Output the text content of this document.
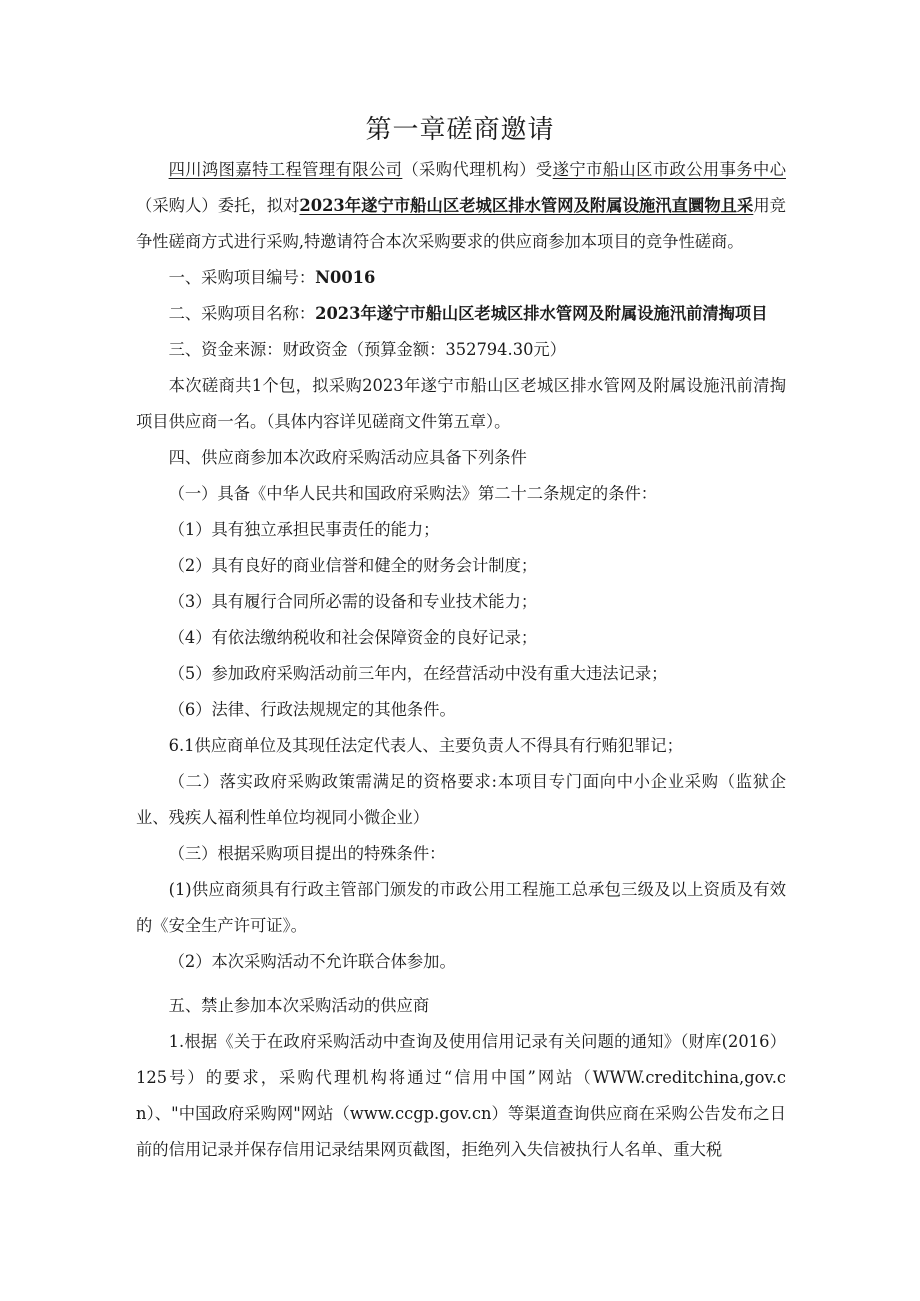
第一章磋商邀请

四川鸿图嘉特工程管理有限公司（采购代理机构）受遂宁市船山区市政公用事务中心（采购人）委托，拟对2023年遂宁市船山区老城区排水管网及附属设施汛直圜物且采用竞争性磋商方式进行采购,特邀请符合本次采购要求的供应商参加本项目的竞争性磋商。

一、采购项目编号：N0016

二、采购项目名称：2023年遂宁市船山区老城区排水管网及附属设施汛前清掏项目

三、资金来源：财政资金（预算金额：352794.30元）

本次磋商共1个包，拟采购2023年遂宁市船山区老城区排水管网及附属设施汛前清掏项目供应商一名。（具体内容详见磋商文件第五章）。

四、供应商参加本次政府采购活动应具备下列条件

（一）具备《中华人民共和国政府采购法》第二十二条规定的条件：

（1）具有独立承担民事责任的能力；

（2）具有良好的商业信誉和健全的财务会计制度；

（3）具有履行合同所必需的设备和专业技术能力；

（4）有依法缴纳税收和社会保障资金的良好记录；

（5）参加政府采购活动前三年内，在经营活动中没有重大违法记录；

（6）法律、行政法规规定的其他条件。

6.1供应商单位及其现任法定代表人、主要负责人不得具有行贿犯罪记；

（二）落实政府采购政策需满足的资格要求:本项目专门面向中小企业采购（监狱企业、残疾人福利性单位均视同小微企业）

（三）根据采购项目提出的特殊条件：

(1)供应商须具有行政主管部门颁发的市政公用工程施工总承包三级及以上资质及有效的《安全生产许可证》。

（2）本次采购活动不允许联合体参加。

五、禁止参加本次采购活动的供应商

1.根据《关于在政府采购活动中查询及使用信用记录有关问题的通知》（财库(2016）125号）的要求，采购代理机构将通过“信用中国”网站（WWW.creditchina,gov.cn）、"中国政府采购网"网站（www.ccgp.gov.cn）等渠道查询供应商在采购公告发布之日前的信用记录并保存信用记录结果网页截图，拒绝列入失信被执行人名单、重大税
